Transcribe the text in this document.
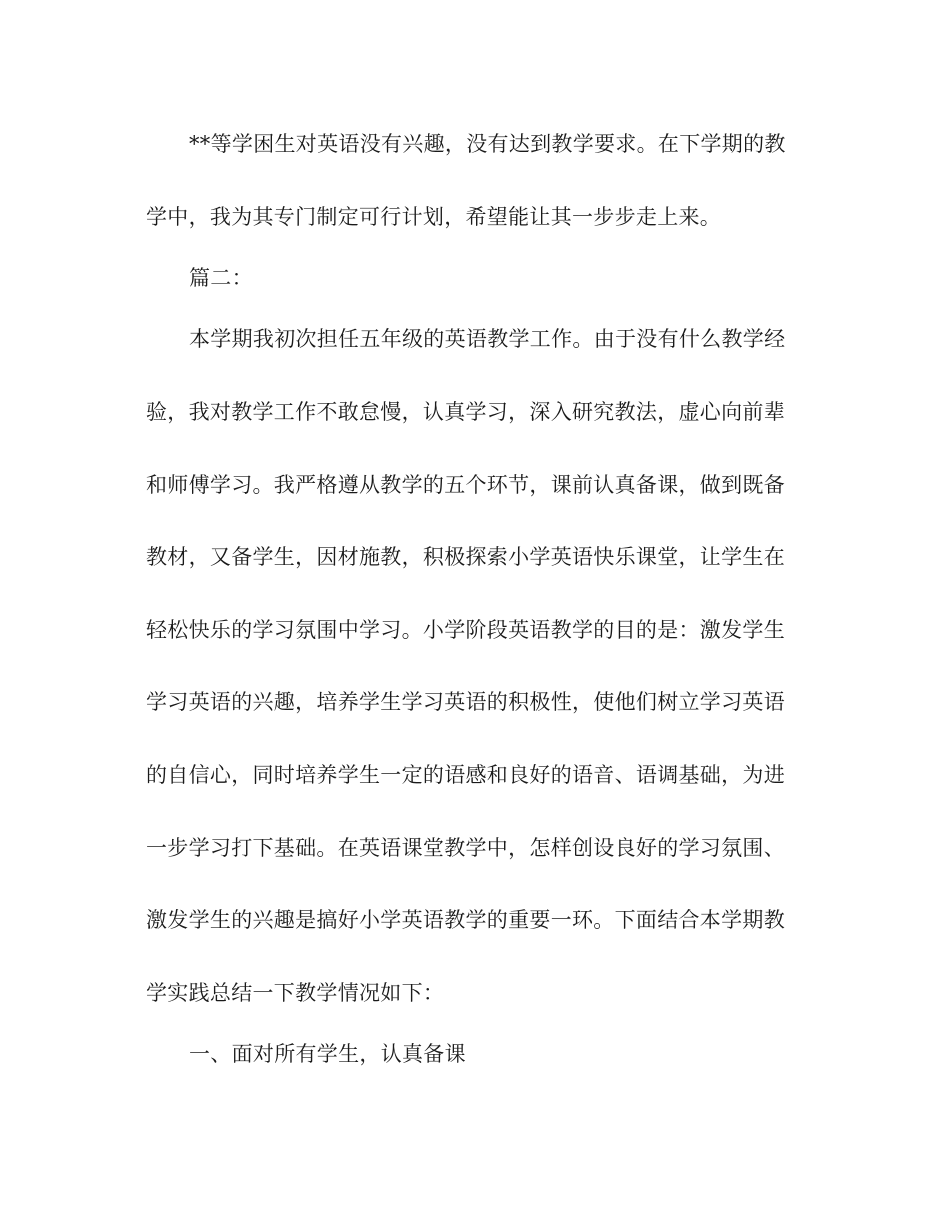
**等学困生对英语没有兴趣，没有达到教学要求。在下学期的教
学中，我为其专门制定可行计划，希望能让其一步步走上来。
篇二：
本学期我初次担任五年级的英语教学工作。由于没有什么教学经
验，我对教学工作不敢怠慢，认真学习，深入研究教法，虚心向前辈
和师傅学习。我严格遵从教学的五个环节，课前认真备课，做到既备
教材，又备学生，因材施教，积极探索小学英语快乐课堂，让学生在
轻松快乐的学习氛围中学习。小学阶段英语教学的目的是：激发学生
学习英语的兴趣，培养学生学习英语的积极性，使他们树立学习英语
的自信心，同时培养学生一定的语感和良好的语音、语调基础，为进
一步学习打下基础。在英语课堂教学中，怎样创设良好的学习氛围、
激发学生的兴趣是搞好小学英语教学的重要一环。下面结合本学期教
学实践总结一下教学情况如下：
一、面对所有学生，认真备课
